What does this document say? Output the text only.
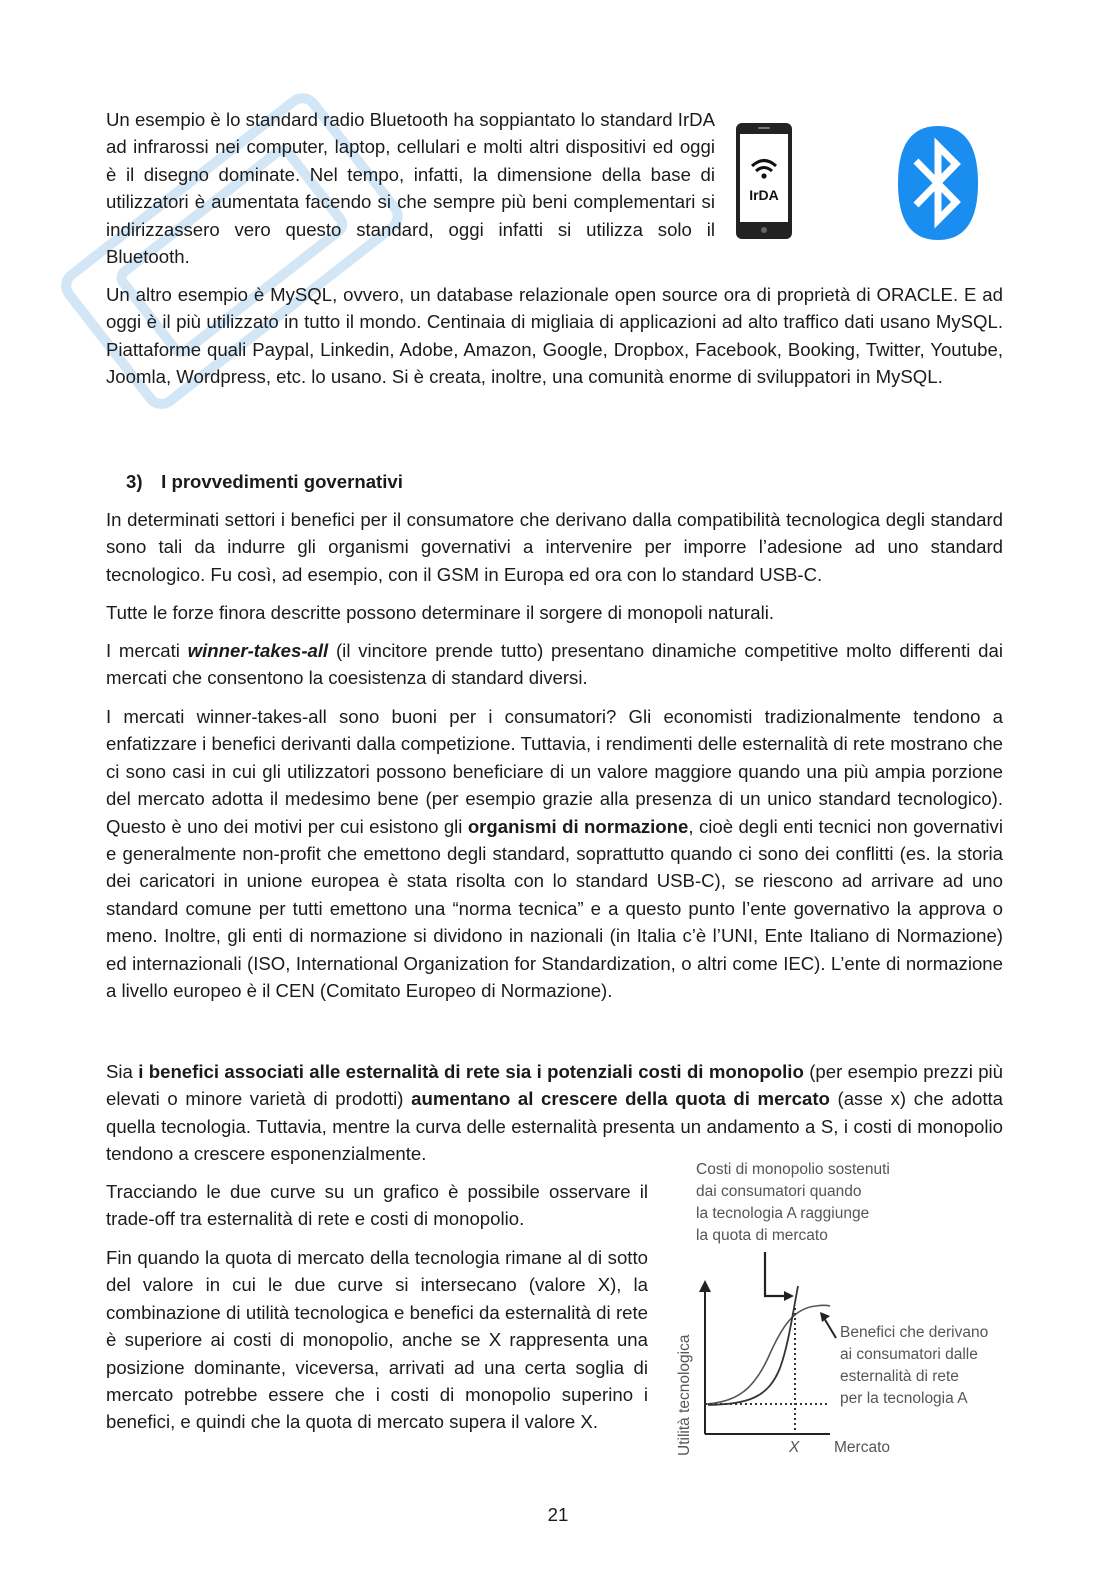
Un esempio è lo standard radio Bluetooth ha soppiantato lo standard IrDA ad infrarossi nei computer, laptop, cellulari e molti altri dispositivi ed oggi è il disegno dominate. Nel tempo, infatti, la dimensione della base di utilizzatori è aumentata facendo si che sempre più beni complementari si indirizzassero vero questo standard, oggi infatti si utilizza solo il Bluetooth.

IrDA

Un altro esempio è MySQL, ovvero, un database relazionale open source ora di proprietà di ORACLE. E ad oggi è il più utilizzato in tutto il mondo. Centinaia di migliaia di applicazioni ad alto traffico dati usano MySQL. Piattaforme quali Paypal, Linkedin, Adobe, Amazon, Google, Dropbox, Facebook, Booking, Twitter, Youtube, Joomla, Wordpress, etc. lo usano. Si è creata, inoltre, una comunità enorme di sviluppatori in MySQL.

3) I provvedimenti governativi

In determinati settori i benefici per il consumatore che derivano dalla compatibilità tecnologica degli standard sono tali da indurre gli organismi governativi a intervenire per imporre l’adesione ad uno standard tecnologico. Fu così, ad esempio, con il GSM in Europa ed ora con lo standard USB-C.

Tutte le forze finora descritte possono determinare il sorgere di monopoli naturali.

I mercati winner-takes-all (il vincitore prende tutto) presentano dinamiche competitive molto differenti dai mercati che consentono la coesistenza di standard diversi.

I mercati winner-takes-all sono buoni per i consumatori? Gli economisti tradizionalmente tendono a enfatizzare i benefici derivanti dalla competizione. Tuttavia, i rendimenti delle esternalità di rete mostrano che ci sono casi in cui gli utilizzatori possono beneficiare di un valore maggiore quando una più ampia porzione del mercato adotta il medesimo bene (per esempio grazie alla presenza di un unico standard tecnologico). Questo è uno dei motivi per cui esistono gli organismi di normazione, cioè degli enti tecnici non governativi e generalmente non-profit che emettono degli standard, soprattutto quando ci sono dei conflitti (es. la storia dei caricatori in unione europea è stata risolta con lo standard USB-C), se riescono ad arrivare ad uno standard comune per tutti emettono una “norma tecnica” e a questo punto l’ente governativo la approva o meno. Inoltre, gli enti di normazione si dividono in nazionali (in Italia c’è l’UNI, Ente Italiano di Normazione) ed internazionali (ISO, International Organization for Standardization, o altri come IEC). L’ente di normazione a livello europeo è il CEN (Comitato Europeo di Normazione).

Sia i benefici associati alle esternalità di rete sia i potenziali costi di monopolio (per esempio prezzi più elevati o minore varietà di prodotti) aumentano al crescere della quota di mercato (asse x) che adotta quella tecnologia. Tuttavia, mentre la curva delle esternalità presenta un andamento a S, i costi di monopolio tendono a crescere esponenzialmente.

Tracciando le due curve su un grafico è possibile osservare il trade-off tra esternalità di rete e costi di monopolio.

Fin quando la quota di mercato della tecnologia rimane al di sotto del valore in cui le due curve si intersecano (valore X), la combinazione di utilità tecnologica e benefici da esternalità di rete è superiore ai costi di monopolio, anche se X rappresenta una posizione dominante, viceversa, arrivati ad una certa soglia di mercato potrebbe essere che i costi di monopolio superino i benefici, e quindi che la quota di mercato supera il valore X.

Costi di monopolio sostenuti
dai consumatori quando
la tecnologia A raggiunge
la quota di mercato
Benefici che derivano
ai consumatori dalle
esternalità di rete
per la tecnologia A
Mercato
X
Utilità tecnologica
21
